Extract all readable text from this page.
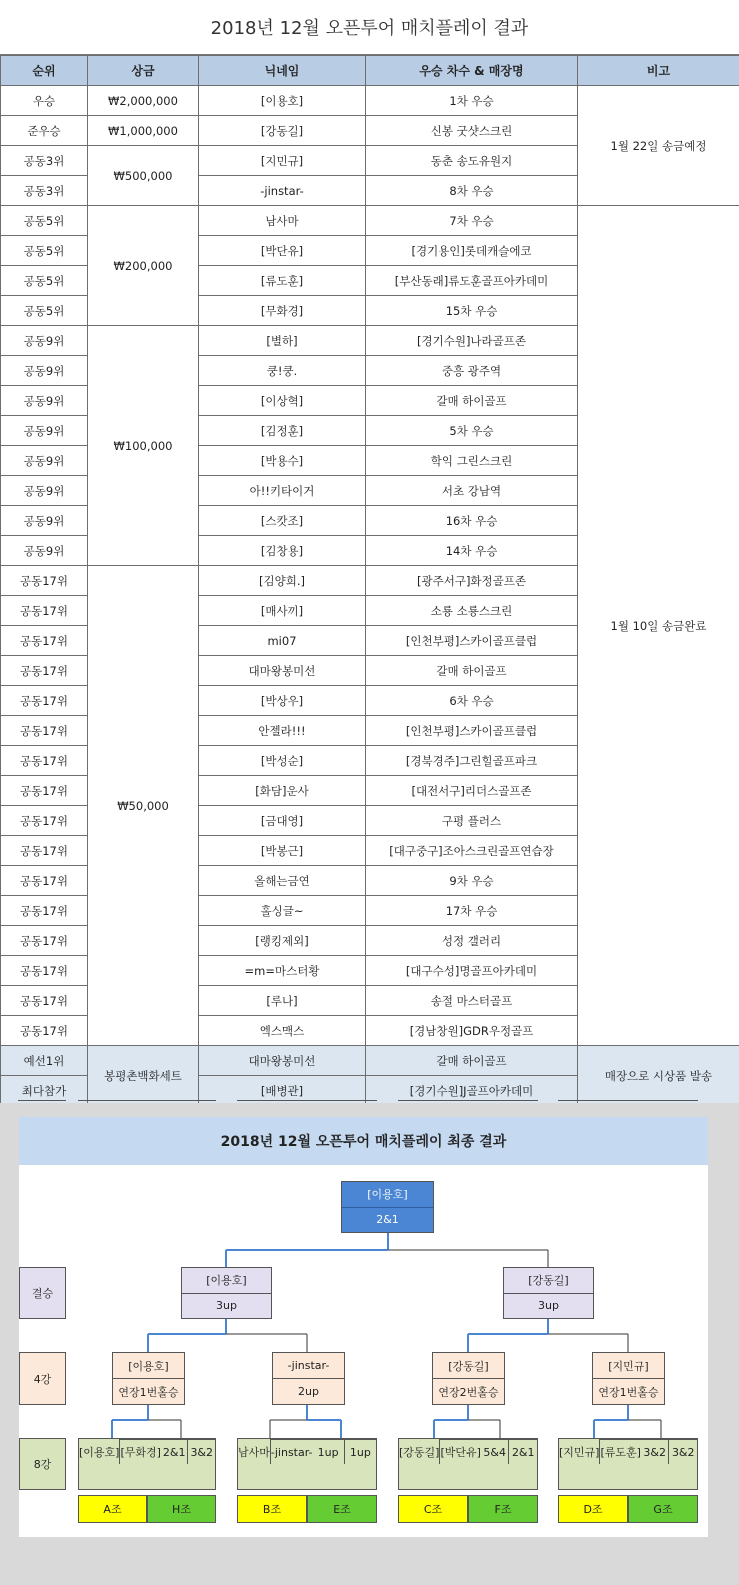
2018년 12월 오픈투어 매치플레이 결과
순위	상금	닉네임	우승 차수 & 매장명	비고
우승	₩2,000,000	[이용호]	1차 우승	1월 22일 송금예정
준우승	₩1,000,000	[강동길]	신봉 굿샷스크린	
공동3위	₩500,000	[지민규]	동춘 송도유원지	
공동3위		-jinstar-	8차 우승	
공동5위	₩200,000	남사마	7차 우승	1월 10일 송금완료
공동5위		[박단유]	[경기용인]롯데캐슬에코	
공동5위		[류도훈]	[부산동래]류도훈골프아카데미	
공동5위		[무화경]	15차 우승	
공동9위	₩100,000	[별하]	[경기수원]나라골프존	
공동9위		쿵!쿵.	중흥 광주역	
공동9위		[이상혁]	갈매 하이골프	
공동9위		[김정훈]	5차 우승	
공동9위		[박용수]	학익 그린스크린	
공동9위		아!!키타이거	서초 강남역	
공동9위		[스캇조]	16차 우승	
공동9위		[김창용]	14차 우승	
공동17위	₩50,000	[김양희.]	[광주서구]화정골프존	
공동17위		[매사끼]	소룡 소룡스크린	
공동17위		mi07	[인천부평]스카이골프클럽	
공동17위		대마왕봉미선	갈매 하이골프	
공동17위		[박상우]	6차 우승	
공동17위		안젤라!!!	[인천부평]스카이골프클럽	
공동17위		[박성순]	[경북경주]그린힐골프파크	
공동17위		[화담]운사	[대전서구]리더스골프존	
공동17위		[금대영]	구평 플러스	
공동17위		[박봉근]	[대구중구]조아스크린골프연습장	
공동17위		올해는금연	9차 우승	
공동17위		홀싱글~	17차 우승	
공동17위		[랭킹제외]	성정 갤러리	
공동17위		=m=마스터황	[대구수성]명골프아카데미	
공동17위		[루나]	송절 마스터골프	
공동17위		엑스맥스	[경남창원]GDR우정골프	
예선1위	봉평촌백화세트	대마왕봉미선	갈매 하이골프	매장으로 시상품 발송
최다참가		[배병관]	[경기수원]J골프아카데미	
2018년 12월 오픈투어 매치플레이 최종 결과
결승
4강
8강
[이용호]
2&1
[이용호]
3up
[강동길]
3up
[이용호]
연장1번홀승
-jinstar-
2up
[강동길]
연장2번홀승
[지민규]
연장1번홀승
[이용호] [무화경] 2&1 3&2 남사마 -jinstar- 1up	1up	[강동길] [박단유] 5&4 2&1 [지민규] [류도훈] 3&2 3&2
A조	H조	B조	E조	C조	F조	D조	G조
